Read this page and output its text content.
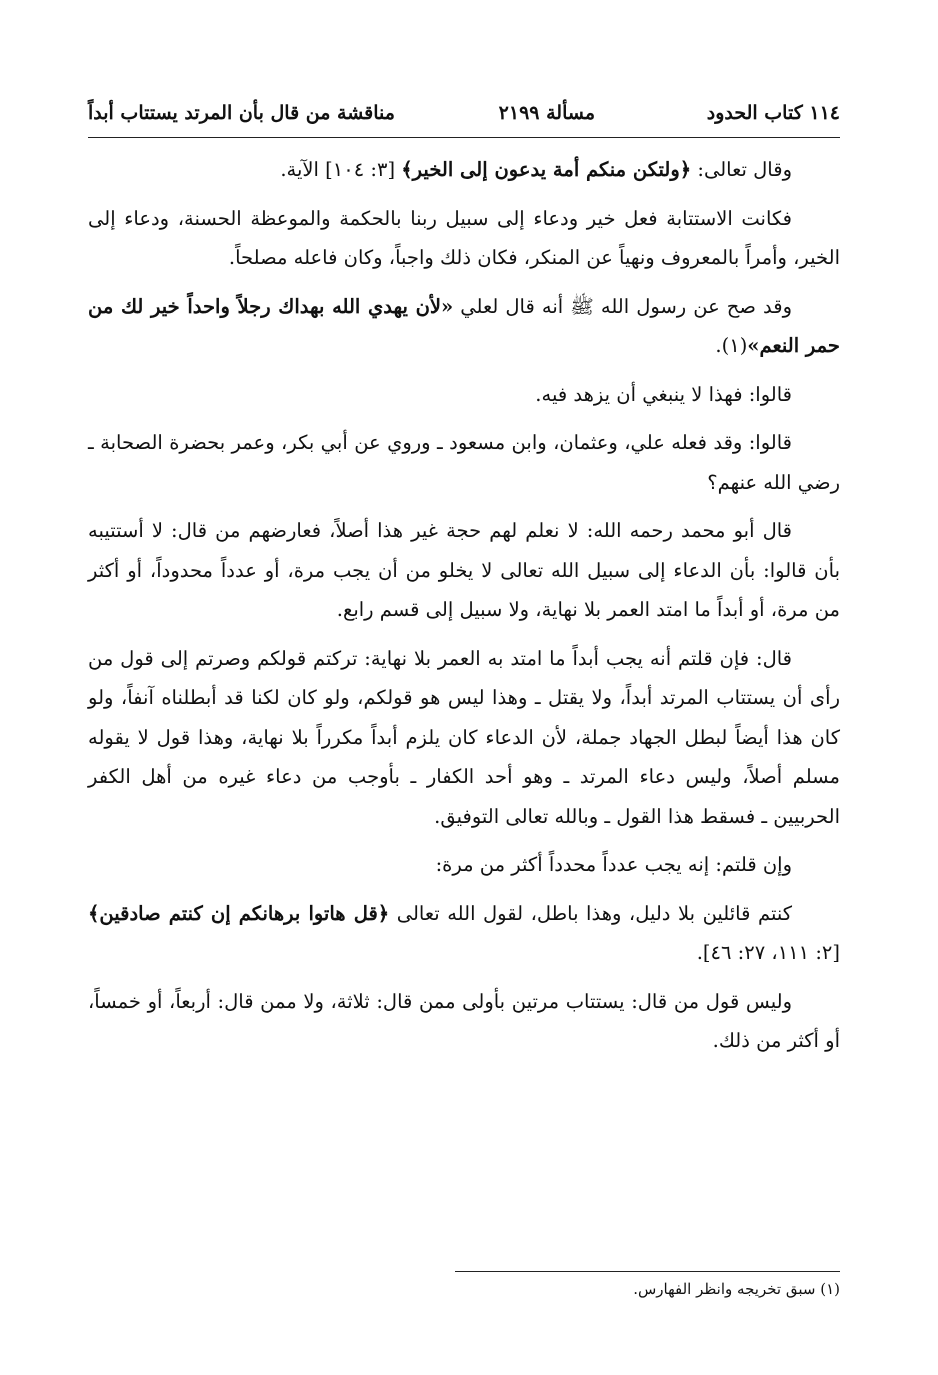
١١٤ كتاب الحدود
مسألة ٢١٩٩
مناقشة من قال بأن المرتد يستتاب أبداً

وقال تعالى: ﴿ولتكن منكم أمة يدعون إلى الخير﴾ [٣: ١٠٤] الآية.

فكانت الاستتابة فعل خير ودعاء إلى سبيل ربنا بالحكمة والموعظة الحسنة، ودعاء إلى الخير، وأمراً بالمعروف ونهياً عن المنكر، فكان ذلك واجباً، وكان فاعله مصلحاً.

وقد صح عن رسول الله ﷺ أنه قال لعلي «لأن يهدي الله بهداك رجلاً واحداً خير لك من حمر النعم»(١).

قالوا: فهذا لا ينبغي أن يزهد فيه.

قالوا: وقد فعله علي، وعثمان، وابن مسعود ـ وروي عن أبي بكر، وعمر بحضرة الصحابة ـ رضي الله عنهم؟

قال أبو محمد رحمه الله: لا نعلم لهم حجة غير هذا أصلاً، فعارضهم من قال: لا أستتيبه بأن قالوا: بأن الدعاء إلى سبيل الله تعالى لا يخلو من أن يجب مرة، أو عدداً محدوداً، أو أكثر من مرة، أو أبداً ما امتد العمر بلا نهاية، ولا سبيل إلى قسم رابع.

قال: فإن قلتم أنه يجب أبداً ما امتد به العمر بلا نهاية: تركتم قولكم وصرتم إلى قول من رأى أن يستتاب المرتد أبداً، ولا يقتل ـ وهذا ليس هو قولكم، ولو كان لكنا قد أبطلناه آنفاً، ولو كان هذا أيضاً لبطل الجهاد جملة، لأن الدعاء كان يلزم أبداً مكرراً بلا نهاية، وهذا قول لا يقوله مسلم أصلاً، وليس دعاء المرتد ـ وهو أحد الكفار ـ بأوجب من دعاء غيره من أهل الكفر الحربيين ـ فسقط هذا القول ـ وبالله تعالى التوفيق.

وإن قلتم: إنه يجب عدداً محدداً أكثر من مرة:

كنتم قائلين بلا دليل، وهذا باطل، لقول الله تعالى ﴿قل هاتوا برهانكم إن كنتم صادقين﴾ [٢: ١١١، ٢٧: ٤٦].

وليس قول من قال: يستتاب مرتين بأولى ممن قال: ثلاثة، ولا ممن قال: أربعاً، أو خمساً، أو أكثر من ذلك.

(١) سبق تخريجه وانظر الفهارس.
